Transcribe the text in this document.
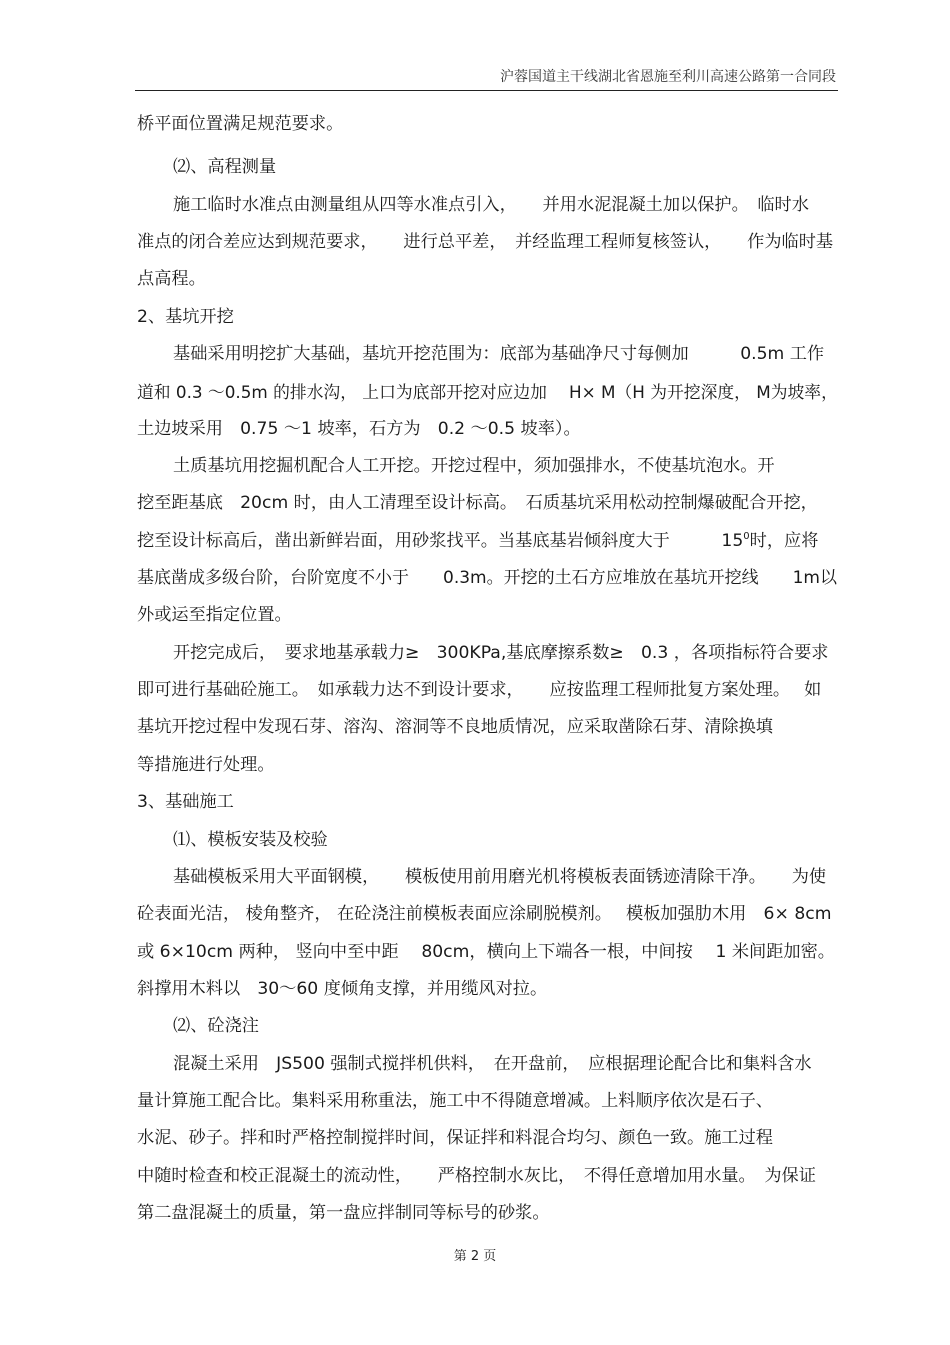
沪蓉国道主干线湖北省恩施至利川高速公路第一合同段
桥平面位置满足规范要求。
⑵、高程测量
施工临时水准点由测量组从四等水准点引入，　　并用水泥混凝土加以保护。　临时水
准点的闭合差应达到规范要求，　　进行总平差，　并经监理工程师复核签认，　　作为临时基
点高程。
2、基坑开挖
基础采用明挖扩大基础，基坑开挖范围为：底部为基础净尺寸每侧加　　　0.5m 工作
道和 0.3 ～0.5m 的排水沟， 上口为底部开挖对应边加　 H× M（H 为开挖深度， M为坡率，
土边坡采用　0.75 ～1 坡率，石方为　0.2 ～0.5 坡率）。
土质基坑用挖掘机配合人工开挖。开挖过程中，须加强排水，不使基坑泡水。开
挖至距基底　20cm 时，由人工清理至设计标高。　石质基坑采用松动控制爆破配合开挖，
挖至设计标高后，凿出新鲜岩面，用砂浆找平。当基底基岩倾斜度大于　　　$15^0$时，应将
基底凿成多级台阶，台阶宽度不小于　　0.3m。开挖的土石方应堆放在基坑开挖线　　1m以
外或运至指定位置。
开挖完成后，　要求地基承载力≥　300KPa,基底摩擦系数≥　0.3 ，各项指标符合要求
即可进行基础砼施工。　如承载力达不到设计要求，　　应按监理工程师批复方案处理。　 如
基坑开挖过程中发现石芽、溶沟、溶洞等不良地质情况，应采取凿除石芽、清除换填
等措施进行处理。
3、基础施工
⑴、模板安装及校验
基础模板采用大平面钢模，　　模板使用前用磨光机将模板表面锈迹清除干净。　　为使
砼表面光洁， 棱角整齐， 在砼浇注前模板表面应涂刷脱模剂。　 模板加强肋木用　6× 8cm
或 6×10cm 两种， 竖向中至中距　 80cm，横向上下端各一根，中间按　 1 米间距加密。
斜撑用木料以　30～60 度倾角支撑，并用缆风对拉。
⑵、砼浇注
混凝土采用　JS500 强制式搅拌机供料，　在开盘前，　应根据理论配合比和集料含水
量计算施工配合比。集料采用称重法，施工中不得随意增减。上料顺序依次是石子、
水泥、砂子。拌和时严格控制搅拌时间，保证拌和料混合均匀、颜色一致。施工过程
中随时检查和校正混凝土的流动性，　　严格控制水灰比，　不得任意增加用水量。　为保证
第二盘混凝土的质量，第一盘应拌制同等标号的砂浆。
第 2 页
